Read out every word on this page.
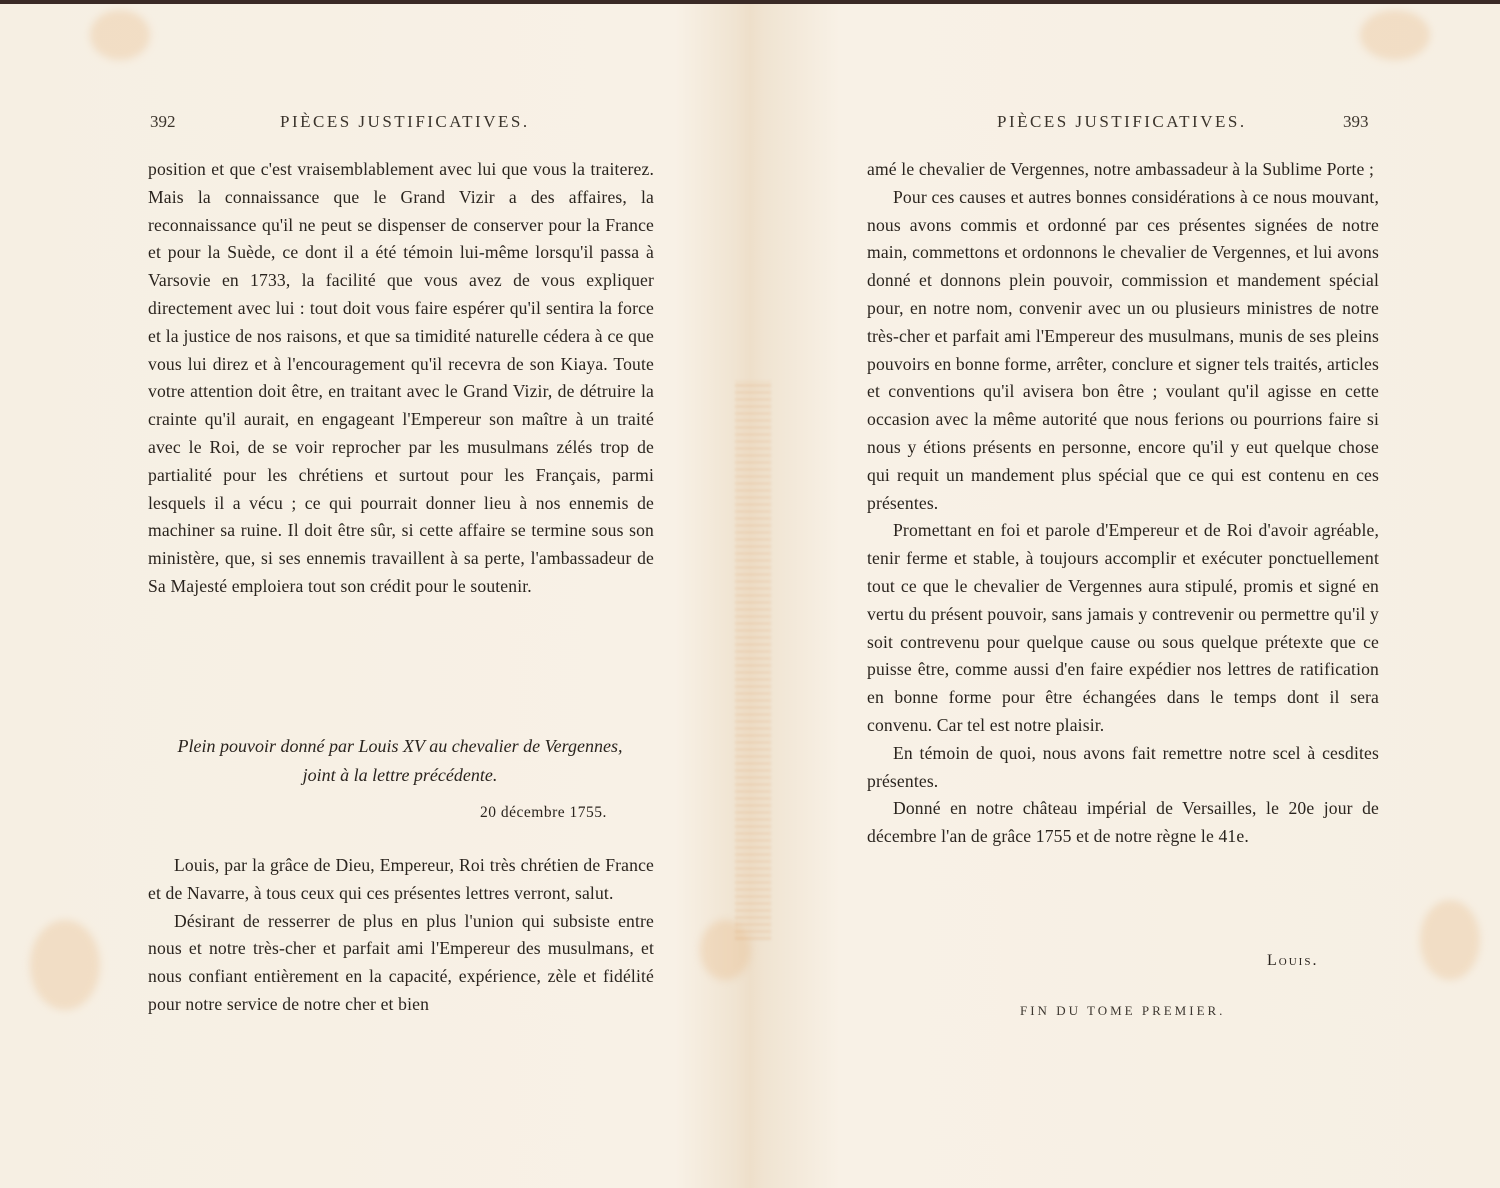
392	PIÈCES JUSTIFICATIVES.

position et que c'est vraisemblablement avec lui que vous la traiterez. Mais la connaissance que le Grand Vizir a des affaires, la reconnaissance qu'il ne peut se dispenser de conserver pour la France et pour la Suède, ce dont il a été témoin lui-même lorsqu'il passa à Varsovie en 1733, la facilité que vous avez de vous expliquer directement avec lui : tout doit vous faire espérer qu'il sentira la force et la justice de nos raisons, et que sa timidité naturelle cédera à ce que vous lui direz et à l'encouragement qu'il recevra de son Kiaya. Toute votre attention doit être, en traitant avec le Grand Vizir, de détruire la crainte qu'il aurait, en engageant l'Empereur son maître à un traité avec le Roi, de se voir reprocher par les musulmans zélés trop de partialité pour les chrétiens et surtout pour les Français, parmi lesquels il a vécu ; ce qui pourrait donner lieu à nos ennemis de machiner sa ruine. Il doit être sûr, si cette affaire se termine sous son ministère, que, si ses ennemis travaillent à sa perte, l'ambassadeur de Sa Majesté emploiera tout son crédit pour le soutenir.

Plein pouvoir donné par Louis XV au chevalier de Vergennes,
joint à la lettre précédente.
20 décembre 1755.

Louis, par la grâce de Dieu, Empereur, Roi très chrétien de France et de Navarre, à tous ceux qui ces présentes lettres verront, salut.

Désirant de resserrer de plus en plus l'union qui subsiste entre nous et notre très-cher et parfait ami l'Empereur des musulmans, et nous confiant entièrement en la capacité, expérience, zèle et fidélité pour notre service de notre cher et bien

PIÈCES JUSTIFICATIVES.	393

amé le chevalier de Vergennes, notre ambassadeur à la Sublime Porte ;

Pour ces causes et autres bonnes considérations à ce nous mouvant, nous avons commis et ordonné par ces présentes signées de notre main, commettons et ordonnons le chevalier de Vergennes, et lui avons donné et donnons plein pouvoir, commission et mandement spécial pour, en notre nom, convenir avec un ou plusieurs ministres de notre très-cher et parfait ami l'Empereur des musulmans, munis de ses pleins pouvoirs en bonne forme, arrêter, conclure et signer tels traités, articles et conventions qu'il avisera bon être ; voulant qu'il agisse en cette occasion avec la même autorité que nous ferions ou pourrions faire si nous y étions présents en personne, encore qu'il y eut quelque chose qui requit un mandement plus spécial que ce qui est contenu en ces présentes.

Promettant en foi et parole d'Empereur et de Roi d'avoir agréable, tenir ferme et stable, à toujours accomplir et exécuter ponctuellement tout ce que le chevalier de Vergennes aura stipulé, promis et signé en vertu du présent pouvoir, sans jamais y contrevenir ou permettre qu'il y soit contrevenu pour quelque cause ou sous quelque prétexte que ce puisse être, comme aussi d'en faire expédier nos lettres de ratification en bonne forme pour être échangées dans le temps dont il sera convenu. Car tel est notre plaisir.

En témoin de quoi, nous avons fait remettre notre scel à cesdites présentes.

Donné en notre château impérial de Versailles, le 20e jour de décembre l'an de grâce 1755 et de notre règne le 41e.

Louis.
FIN DU TOME PREMIER.
